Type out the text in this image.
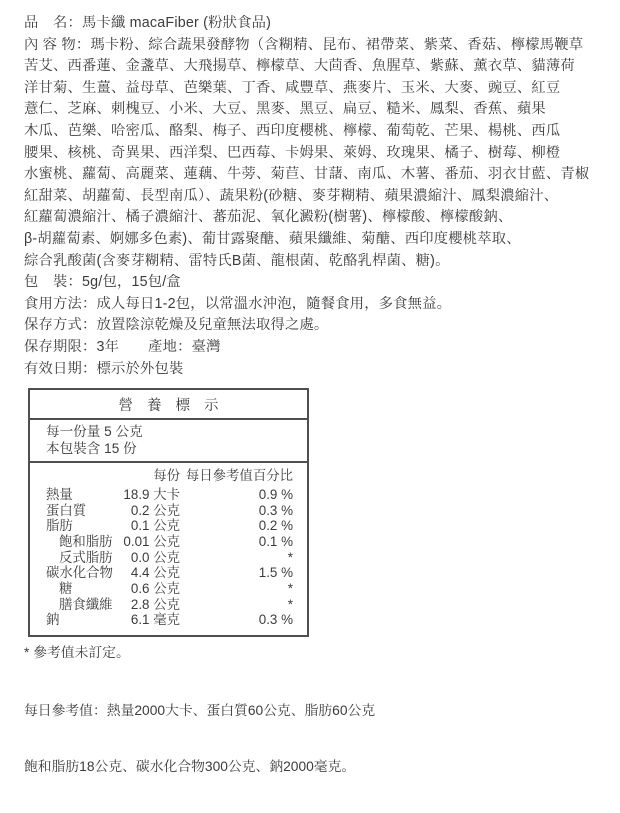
品　名：馬卡纖 macaFiber (粉狀食品)
內 容 物：瑪卡粉、綜合蔬果發酵物（含糊精、昆布、裙帶菜、紫菜、香菇、檸檬馬鞭草
苦艾、西番蓮、金盞草、大飛揚草、檸檬草、大茴香、魚腥草、紫蘇、薰衣草、貓薄荷
洋甘菊、生薑、益母草、芭樂葉、丁香、咸豐草、燕麥片、玉米、大麥、豌豆、紅豆
薏仁、芝麻、刺槐豆、小米、大豆、黑麥、黑豆、扁豆、糙米、鳳梨、香蕉、蘋果
木瓜、芭樂、哈密瓜、酪梨、梅子、西印度櫻桃、檸檬、葡萄乾、芒果、楊桃、西瓜
腰果、核桃、奇異果、西洋梨、巴西莓、卡姆果、萊姆、玫瑰果、橘子、樹莓、柳橙
水蜜桃、蘿蔔、高麗菜、蓮藕、牛蒡、菊苣、甘藷、南瓜、木薯、番茄、羽衣甘藍、青椒
紅甜菜、胡蘿蔔、長型南瓜）、蔬果粉(砂糖、麥芽糊精、蘋果濃縮汁、鳳梨濃縮汁、
紅蘿蔔濃縮汁、橘子濃縮汁、蕃茄泥、氧化澱粉(樹薯)、檸檬酸、檸檬酸鈉、
β-胡蘿蔔素、婀娜多色素)、葡甘露聚醣、蘋果纖維、菊醣、西印度櫻桃萃取、
綜合乳酸菌(含麥芽糊精、雷特氏B菌、龍根菌、乾酪乳桿菌、糖)。
包　裝：5g/包，15包/盒
食用方法：成人每日1-2包，以常溫水沖泡，隨餐食用，多食無益。
保存方式：放置陰涼乾燥及兒童無法取得之處。
保存期限：3年　　產地：臺灣
有效日期：標示於外包裝
營 養 標 示
每一份量 5 公克
本包裝含 15 份
每份 每日參考值百分比
熱量	18.9 大卡	0.9 %
蛋白質	0.2 公克	0.3 %
脂肪	0.1 公克	0.2 %
飽和脂肪 0.01 公克	0.1 %
反式脂肪	0.0 公克	*
碳水化合物	4.4 公克	1.5 %
糖	0.6 公克	*
膳食纖維	2.8 公克	*
鈉	6.1 毫克	0.3 %
* 參考值未訂定。

每日參考值：熱量2000大卡、蛋白質60公克、脂肪60公克

飽和脂肪18公克、碳水化合物300公克、鈉2000毫克。
